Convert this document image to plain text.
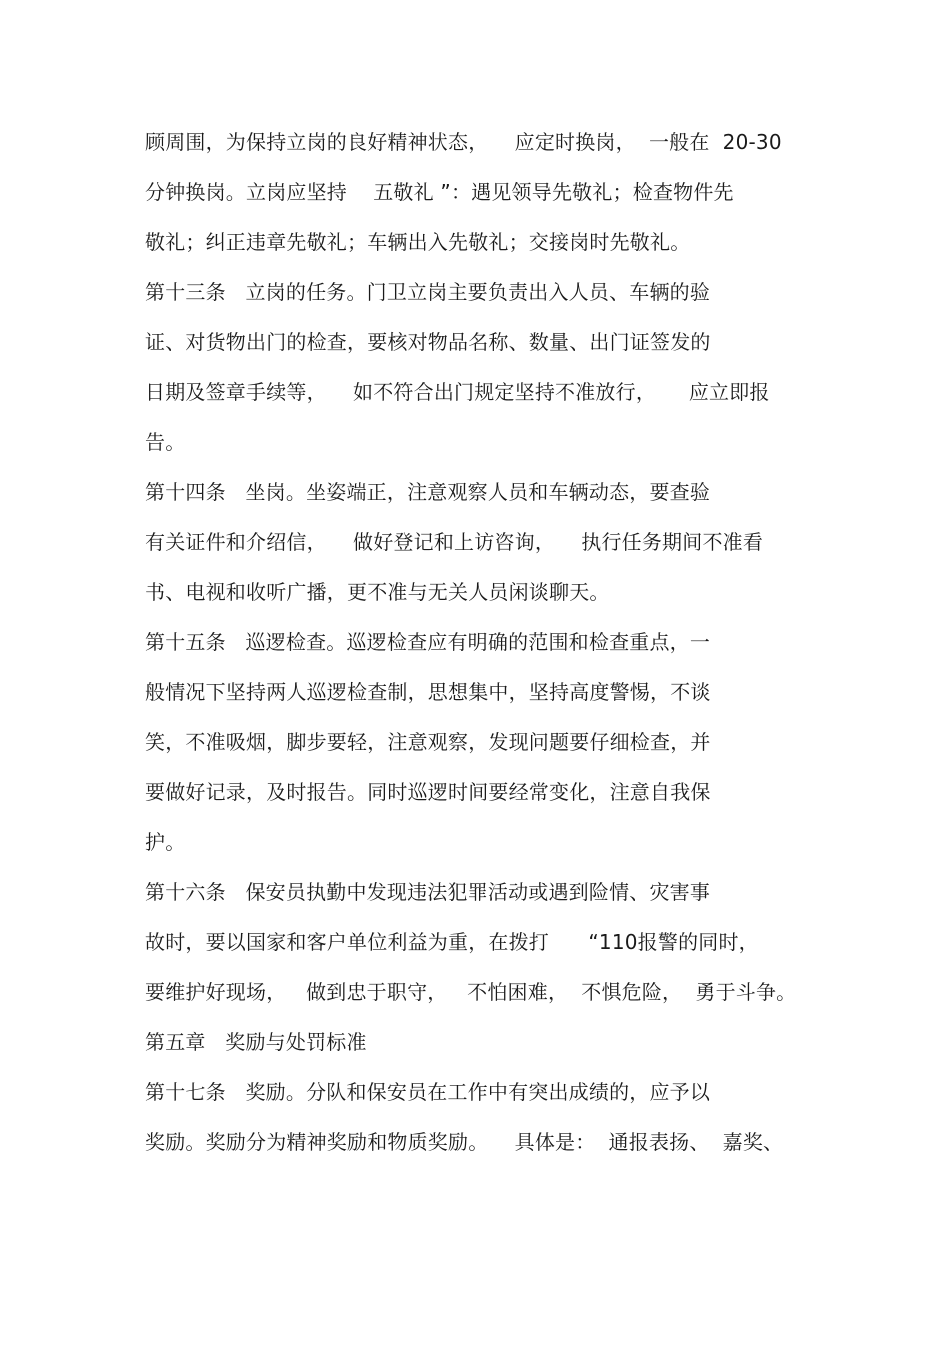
顾周围，为保持立岗的良好精神状态，    应定时换岗，  一般在  20-30
分钟换岗。立岗应坚持    五敬礼 ”：遇见领导先敬礼；检查物件先
敬礼；纠正违章先敬礼；车辆出入先敬礼；交接岗时先敬礼。
第十三条   立岗的任务。门卫立岗主要负责出入人员、车辆的验
证、对货物出门的检查，要核对物品名称、数量、出门证签发的
日期及签章手续等，    如不符合出门规定坚持不准放行，     应立即报
告。
第十四条   坐岗。坐姿端正，注意观察人员和车辆动态，要查验
有关证件和介绍信，    做好登记和上访咨询，    执行任务期间不准看
书、电视和收听广播，更不准与无关人员闲谈聊天。
第十五条   巡逻检查。巡逻检查应有明确的范围和检查重点，一
般情况下坚持两人巡逻检查制，思想集中，坚持高度警惕，不谈
笑，不准吸烟，脚步要轻，注意观察，发现问题要仔细检查，并
要做好记录，及时报告。同时巡逻时间要经常变化，注意自我保
护。
第十六条   保安员执勤中发现违法犯罪活动或遇到险情、灾害事
故时，要以国家和客户单位利益为重，在拨打      “110报警的同时，
要维护好现场，   做到忠于职守，   不怕困难，  不惧危险，  勇于斗争。
第五章   奖励与处罚标准
第十七条   奖励。分队和保安员在工作中有突出成绩的，应予以
奖励。奖励分为精神奖励和物质奖励。    具体是：  通报表扬、  嘉奖、
